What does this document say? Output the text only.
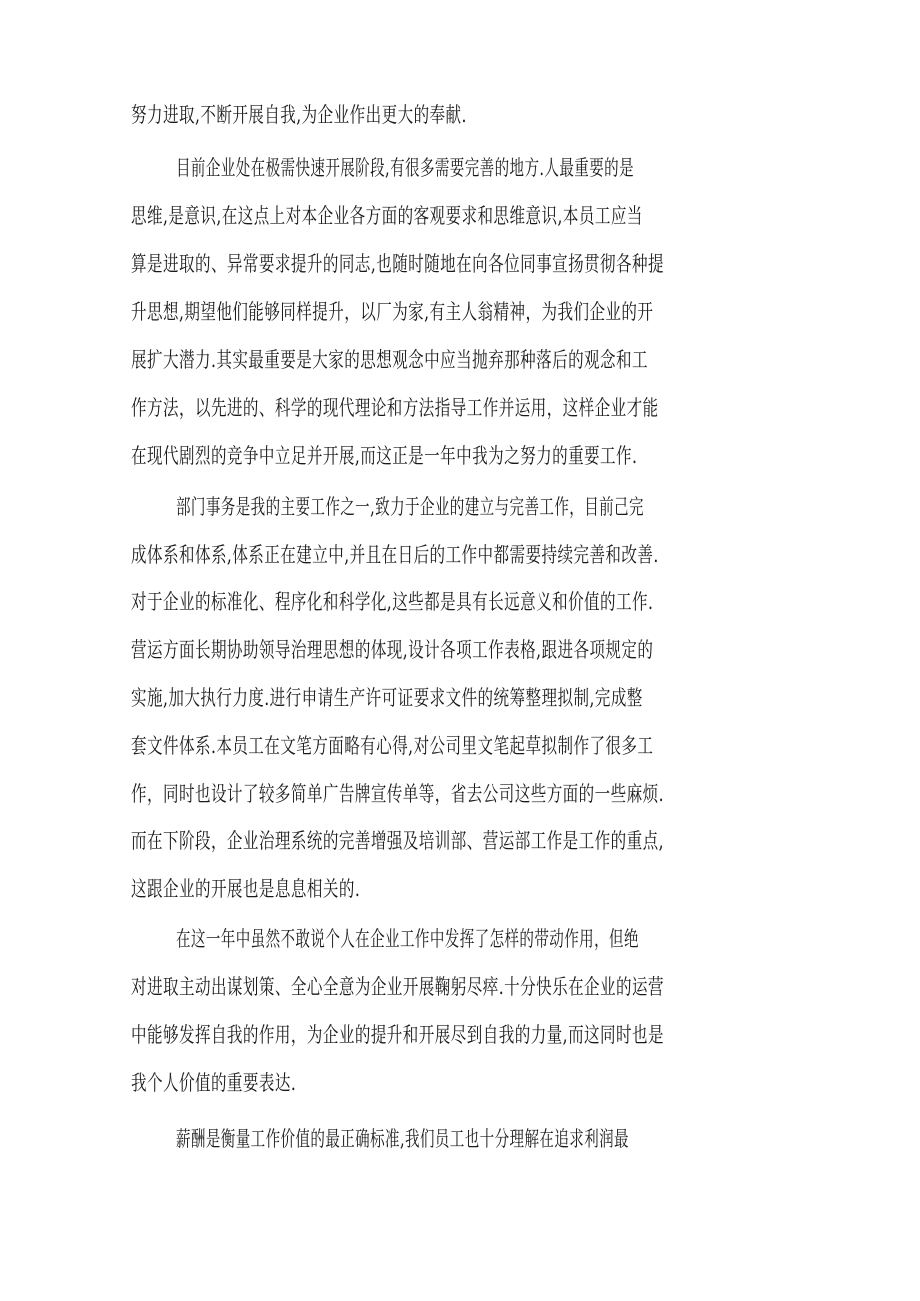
努力进取,不断开展自我,为企业作出更大的奉献.

目前企业处在极需快速开展阶段,有很多需要完善的地方.人最重要的是

思维,是意识,在这点上对本企业各方面的客观要求和思维意识,本员工应当

算是进取的、异常要求提升的同志,也随时随地在向各位同事宣扬贯彻各种提

升思想,期望他们能够同样提升，以厂为家,有主人翁精神，为我们企业的开

展扩大潜力.其实最重要是大家的思想观念中应当抛弃那种落后的观念和工

作方法，以先进的、科学的现代理论和方法指导工作并运用，这样企业才能

在现代剧烈的竞争中立足并开展,而这正是一年中我为之努力的重要工作.

部门事务是我的主要工作之一,致力于企业的建立与完善工作，目前己完

成体系和体系,体系正在建立中,并且在日后的工作中都需要持续完善和改善.

对于企业的标准化、程序化和科学化,这些都是具有长远意义和价值的工作.

营运方面长期协助领导治理思想的体现,设计各项工作表格,跟进各项规定的

实施,加大执行力度.进行申请生产许可证要求文件的统筹整理拟制,完成整

套文件体系.本员工在文笔方面略有心得,对公司里文笔起草拟制作了很多工

作，同时也设计了较多简单广告牌宣传单等，省去公司这些方面的一些麻烦.

而在下阶段，企业治理系统的完善增强及培训部、营运部工作是工作的重点,

这跟企业的开展也是息息相关的.

在这一年中虽然不敢说个人在企业工作中发挥了怎样的带动作用，但绝

对进取主动出谋划策、全心全意为企业开展鞠躬尽瘁.十分快乐在企业的运营

中能够发挥自我的作用，为企业的提升和开展尽到自我的力量,而这同时也是

我个人价值的重要表达.

薪酬是衡量工作价值的最正确标准,我们员工也十分理解在追求利润最
